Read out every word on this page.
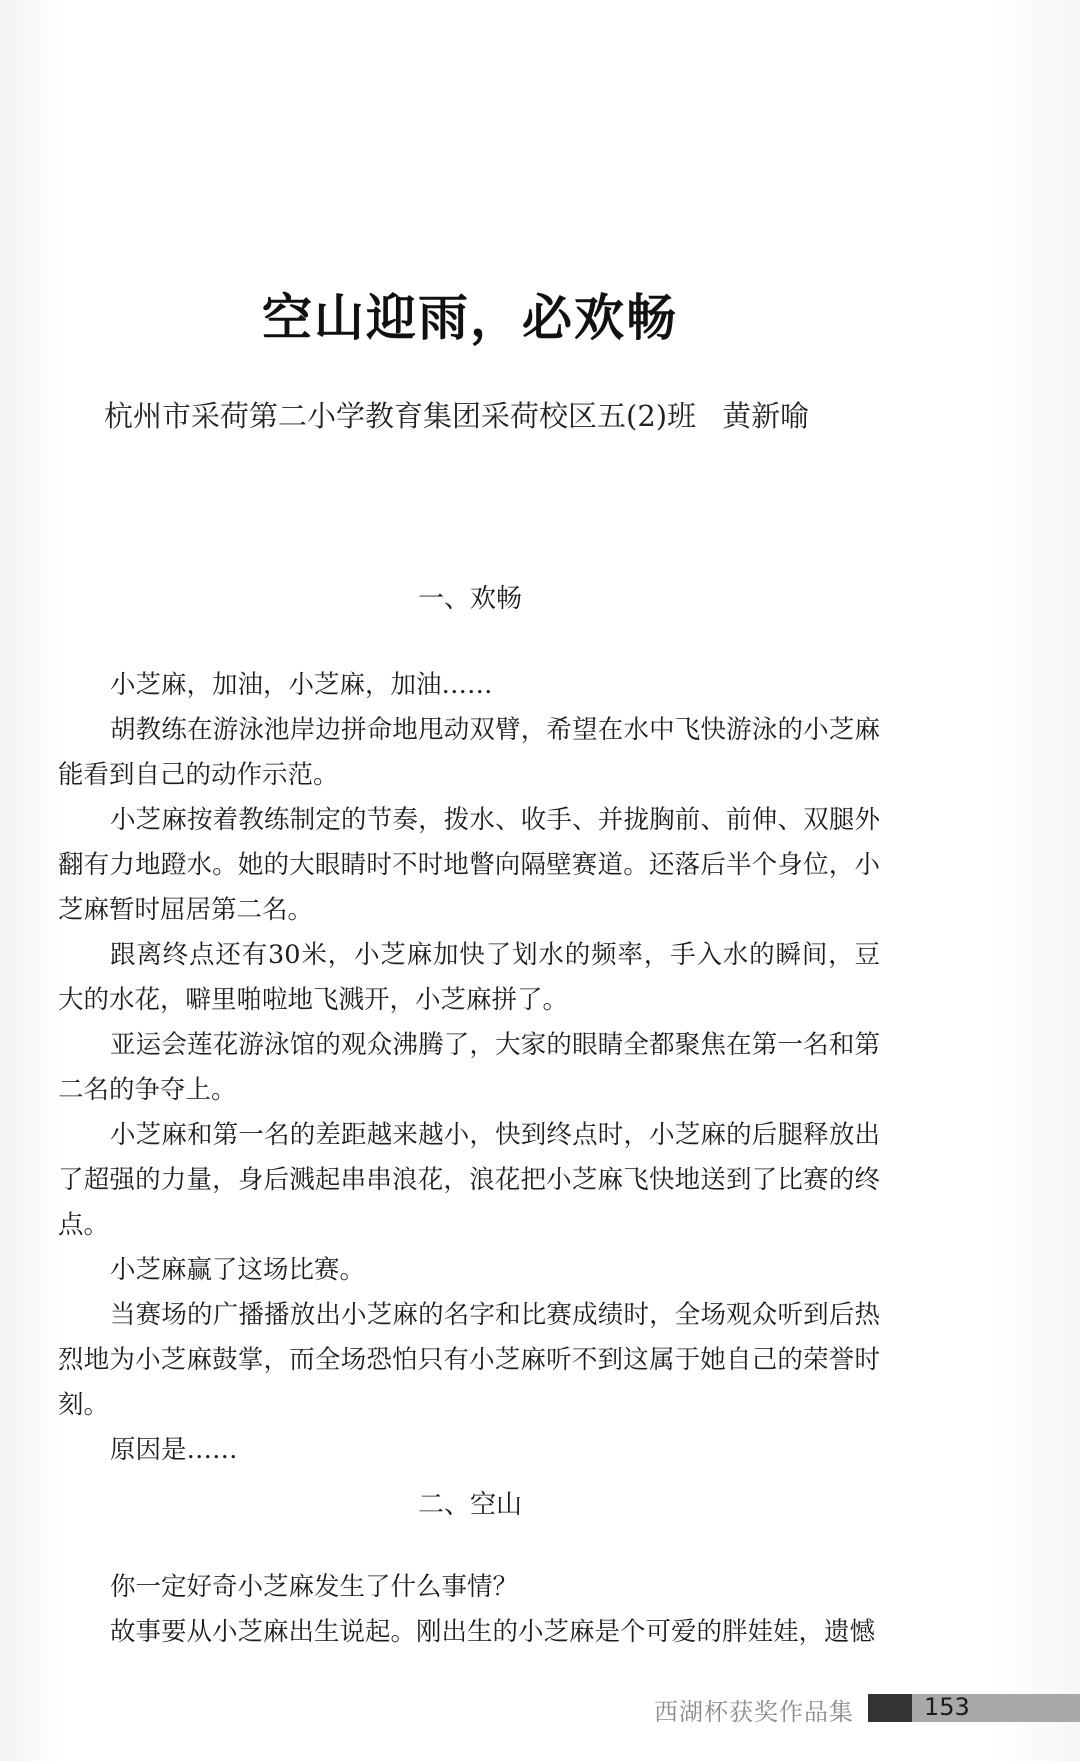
空山迎雨，必欢畅
杭州市采荷第二小学教育集团采荷校区五(2)班 黄新喻
一、欢畅

小芝麻，加油，小芝麻，加油……

胡教练在游泳池岸边拼命地甩动双臂，希望在水中飞快游泳的小芝麻能看到自己的动作示范。

小芝麻按着教练制定的节奏，拨水、收手、并拢胸前、前伸、双腿外翻有力地蹬水。她的大眼睛时不时地瞥向隔壁赛道。还落后半个身位，小芝麻暂时屈居第二名。

跟离终点还有30米，小芝麻加快了划水的频率，手入水的瞬间，豆大的水花，噼里啪啦地飞溅开，小芝麻拼了。

亚运会莲花游泳馆的观众沸腾了，大家的眼睛全都聚焦在第一名和第二名的争夺上。

小芝麻和第一名的差距越来越小，快到终点时，小芝麻的后腿释放出了超强的力量，身后溅起串串浪花，浪花把小芝麻飞快地送到了比赛的终点。

小芝麻赢了这场比赛。

当赛场的广播播放出小芝麻的名字和比赛成绩时，全场观众听到后热烈地为小芝麻鼓掌，而全场恐怕只有小芝麻听不到这属于她自己的荣誉时刻。

原因是……

二、空山

你一定好奇小芝麻发生了什么事情？

故事要从小芝麻出生说起。刚出生的小芝麻是个可爱的胖娃娃，遗憾

西湖杯获奖作品集	153
